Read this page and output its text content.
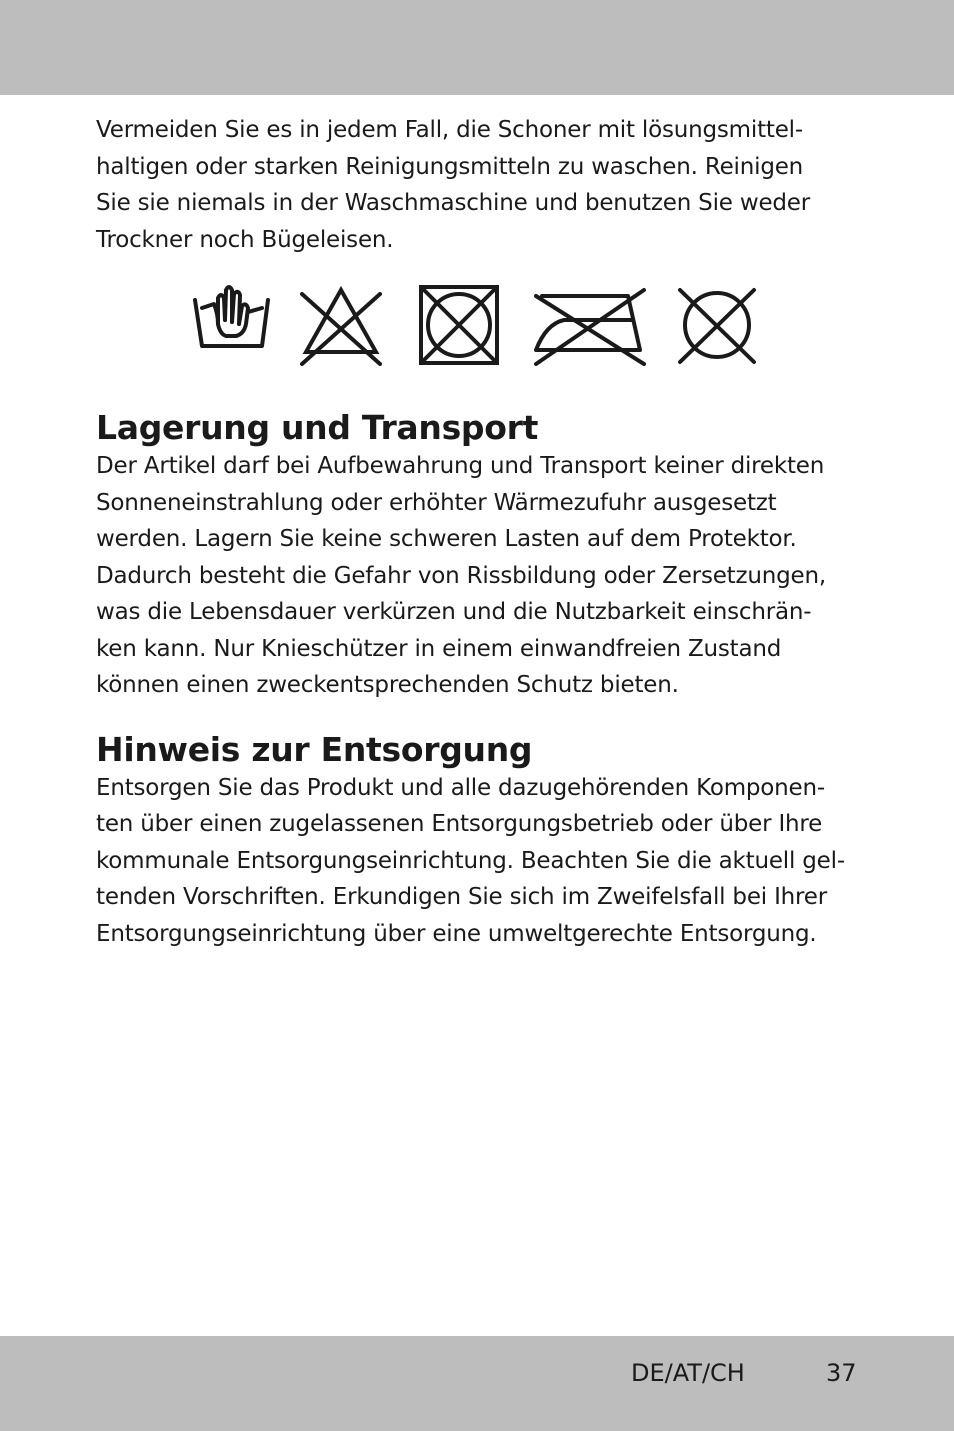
Vermeiden Sie es in jedem Fall, die Schoner mit lösungsmittel-
haltigen oder starken Reinigungsmitteln zu waschen. Reinigen
Sie sie niemals in der Waschmaschine und benutzen Sie weder
Trockner noch Bügeleisen.

Lagerung und Transport

Der Artikel darf bei Aufbewahrung und Transport keiner direkten
Sonneneinstrahlung oder erhöhter Wärmezufuhr ausgesetzt
werden. Lagern Sie keine schweren Lasten auf dem Protektor.
Dadurch besteht die Gefahr von Rissbildung oder Zersetzungen,
was die Lebensdauer verkürzen und die Nutzbarkeit einschrän-
ken kann. Nur Knieschützer in einem einwandfreien Zustand
können einen zweckentsprechenden Schutz bieten.

Hinweis zur Entsorgung

Entsorgen Sie das Produkt und alle dazugehörenden Komponen-
ten über einen zugelassenen Entsorgungsbetrieb oder über Ihre
kommunale Entsorgungseinrichtung. Beachten Sie die aktuell gel-
tenden Vorschriften. Erkundigen Sie sich im Zweifelsfall bei Ihrer
Entsorgungseinrichtung über eine umweltgerechte Entsorgung.

DE/AT/CH	37
